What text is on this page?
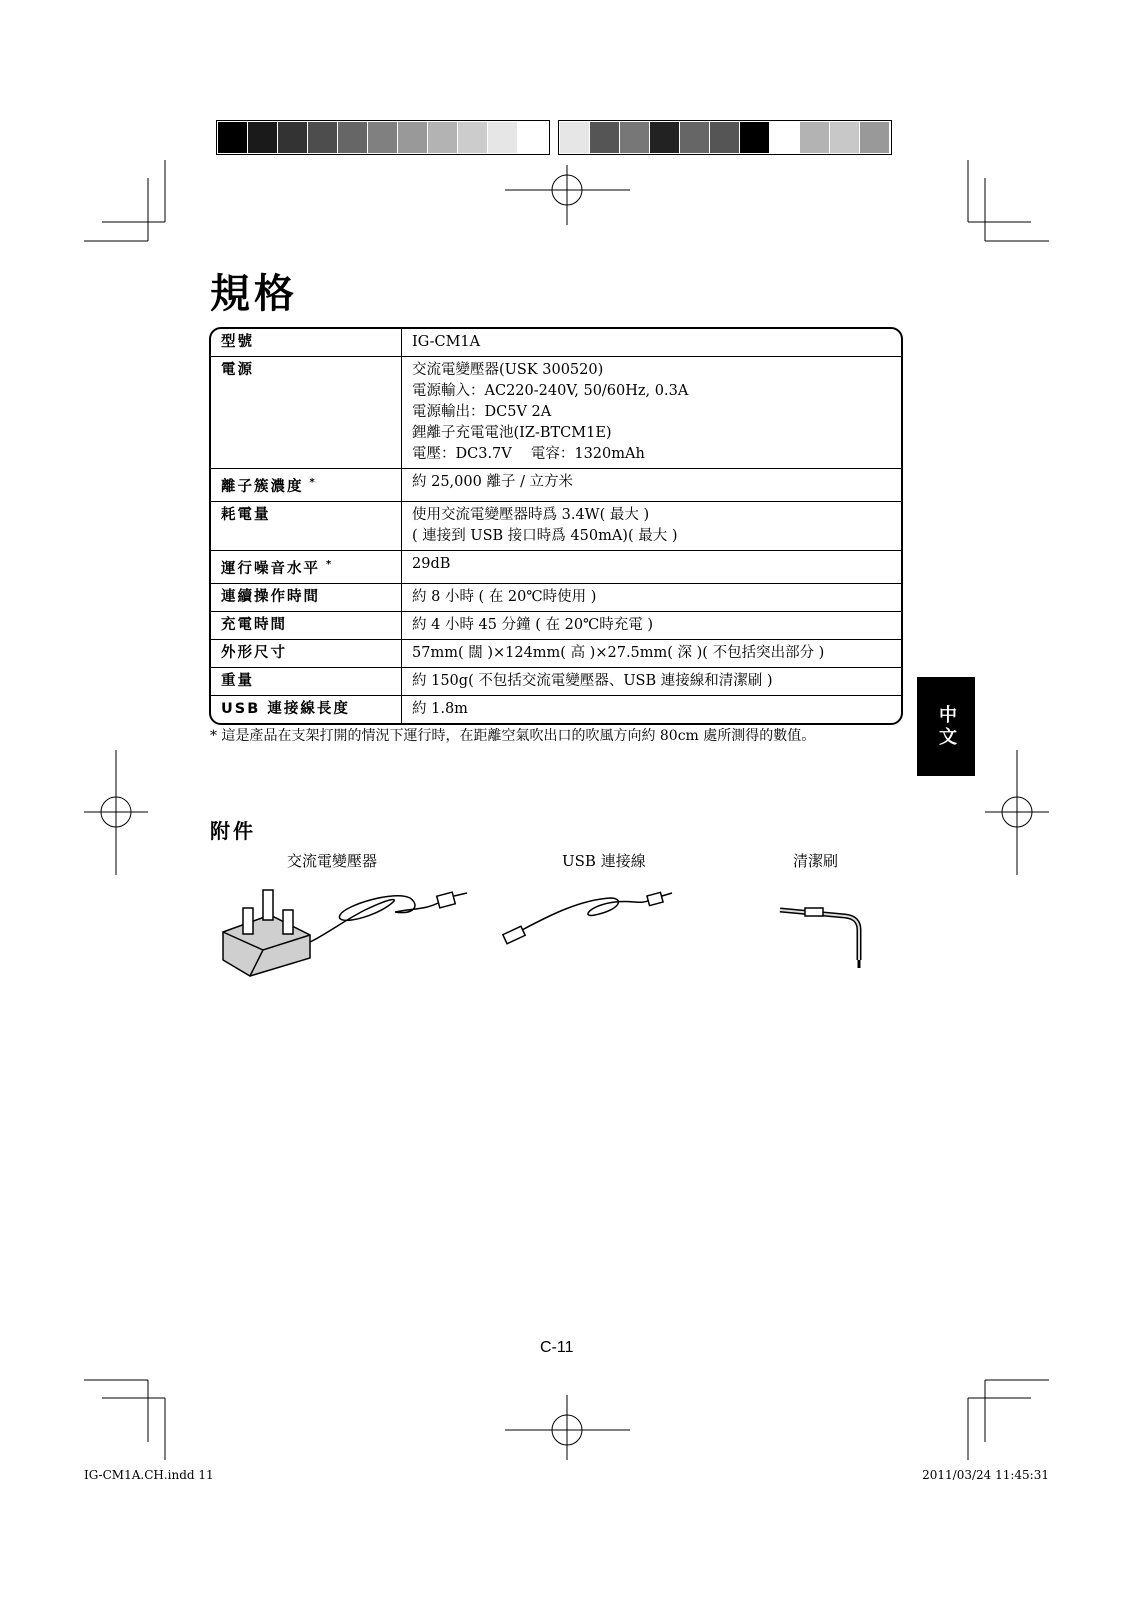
規格
型號	IG-CM1A

電源	交流電變壓器(USK 300520)
電源輸入：AC220-240V, 50/60Hz, 0.3A
電源輸出：DC5V 2A
鋰離子充電電池(IZ-BTCM1E)
電壓：DC3.7V　 電容：1320mAh

離子簇濃度 *	約 25,000 離子 / 立方米

耗電量	使用交流電變壓器時爲 3.4W( 最大 )
( 連接到 USB 接口時爲 450mA)( 最大 )

運行噪音水平 *	29dB

連續操作時間	約 8 小時 ( 在 20℃時使用 )

充電時間	約 4 小時 45 分鐘 ( 在 20℃時充電 )

外形尺寸	57mm( 闊 )×124mm( 高 )×27.5mm( 深 )( 不包括突出部分 )

重量	約 150g( 不包括交流電變壓器、USB 連接線和清潔刷 )

USB 連接線長度	約 1.8m
* 這是產品在支架打開的情況下運行時，在距離空氣吹出口的吹風方向約 80cm 處所測得的數值。	中文
附件
交流電變壓器	USB 連接線	清潔刷
C-11
IG-CM1A.CH.indd 11	2011/03/24 11:45:31
